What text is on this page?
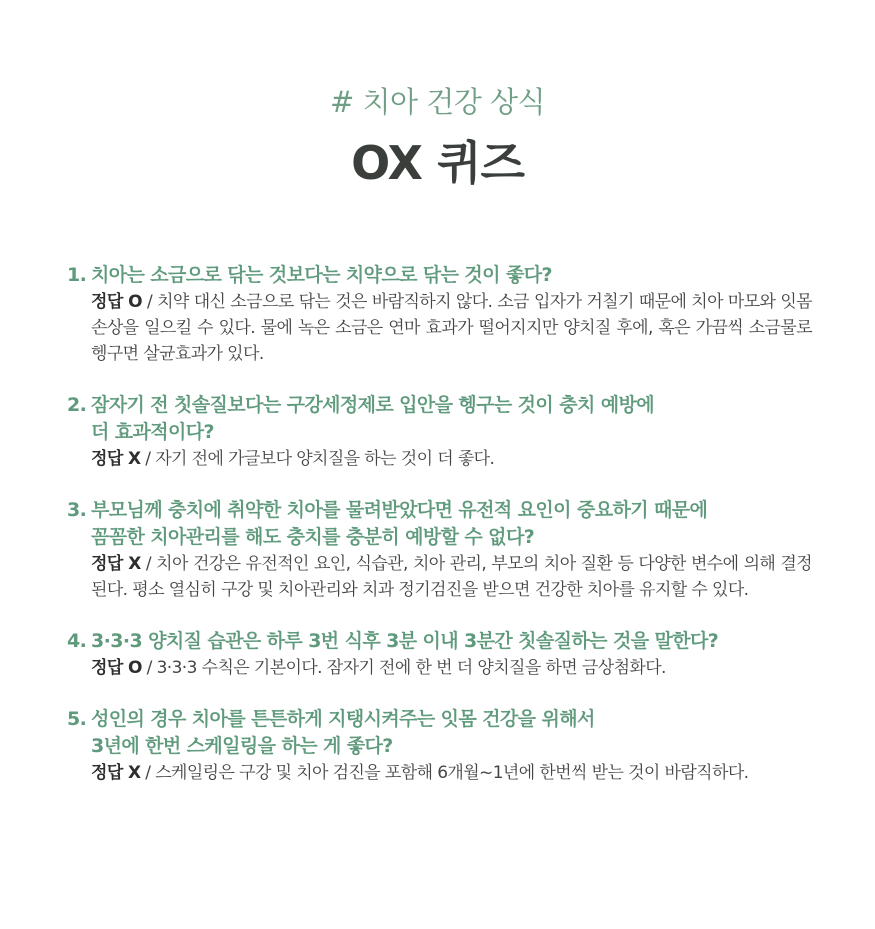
# 치아 건강 상식
OX 퀴즈
1. 치아는 소금으로 닦는 것보다는 치약으로 닦는 것이 좋다?
정답 O / 치약 대신 소금으로 닦는 것은 바람직하지 않다. 소금 입자가 거칠기 때문에 치아 마모와 잇몸 손상을 일으킬 수 있다. 물에 녹은 소금은 연마 효과가 떨어지지만 양치질 후에, 혹은 가끔씩 소금물로 헹구면 살균효과가 있다.
2. 잠자기 전 칫솔질보다는 구강세정제로 입안을 헹구는 것이 충치 예방에
더 효과적이다?
정답 X / 자기 전에 가글보다 양치질을 하는 것이 더 좋다.
3. 부모님께 충치에 취약한 치아를 물려받았다면 유전적 요인이 중요하기 때문에
꼼꼼한 치아관리를 해도 충치를 충분히 예방할 수 없다?
정답 X / 치아 건강은 유전적인 요인, 식습관, 치아 관리, 부모의 치아 질환 등 다양한 변수에 의해 결정된다. 평소 열심히 구강 및 치아관리와 치과 정기검진을 받으면 건강한 치아를 유지할 수 있다.
4. 3·3·3 양치질 습관은 하루 3번 식후 3분 이내 3분간 칫솔질하는 것을 말한다?
정답 O / 3·3·3 수칙은 기본이다. 잠자기 전에 한 번 더 양치질을 하면 금상첨화다.
5. 성인의 경우 치아를 튼튼하게 지탱시켜주는 잇몸 건강을 위해서
3년에 한번 스케일링을 하는 게 좋다?
정답 X / 스케일링은 구강 및 치아 검진을 포함해 6개월~1년에 한번씩 받는 것이 바람직하다.
